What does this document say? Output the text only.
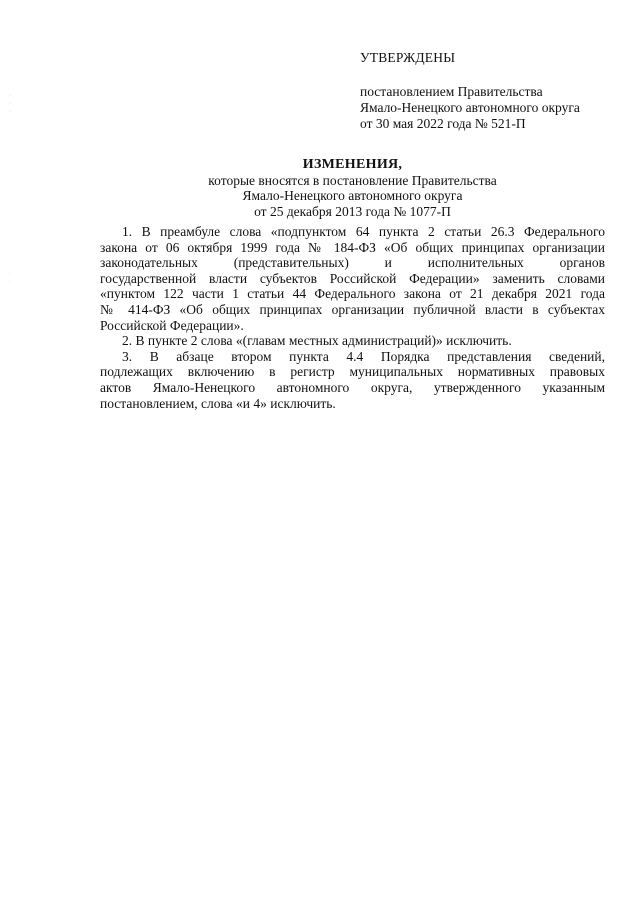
·
·
·
·
·
УТВЕРЖДЕНЫ
постановлением Правительства
Ямало-Ненецкого автономного округа
от 30 мая 2022 года № 521-П
ИЗМЕНЕНИЯ,
которые вносятся в постановление Правительства
Ямало-Ненецкого автономного округа
от 25 декабря 2013 года № 1077-П
1. В преамбуле слова «подпунктом 64 пункта 2 статьи 26.3 Федерального
закона от 06 октября 1999 года № 184-ФЗ «Об общих принципах организации
законодательных (представительных) и исполнительных органов
государственной власти субъектов Российской Федерации» заменить словами
«пунктом 122 части 1 статьи 44 Федерального закона от 21 декабря 2021 года
№ 414-ФЗ «Об общих принципах организации публичной власти в субъектах
Российской Федерации».
2. В пункте 2 слова «(главам местных администраций)» исключить.
3. В абзаце втором пункта 4.4 Порядка представления сведений,
подлежащих включению в регистр муниципальных нормативных правовых
актов Ямало-Ненецкого автономного округа, утвержденного указанным
постановлением, слова «и 4» исключить.
